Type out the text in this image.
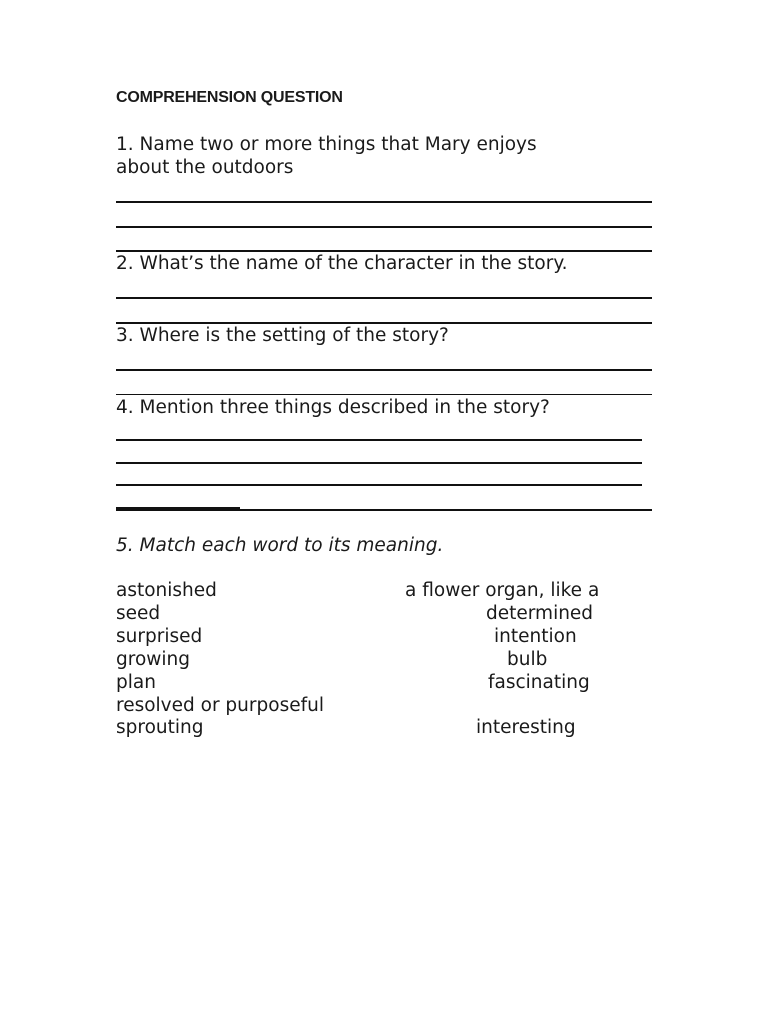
COMPREHENSION QUESTION
1. Name two or more things that Mary enjoys
about the outdoors
2. What’s the name of the character in the story.
3. Where is the setting of the story?
4. Mention three things described in the story?
5. Match each word to its meaning.
astonished
seed
surprised
growing
plan
resolved or purposeful
sprouting
a flower organ, like a
determined
intention
bulb
fascinating
interesting
